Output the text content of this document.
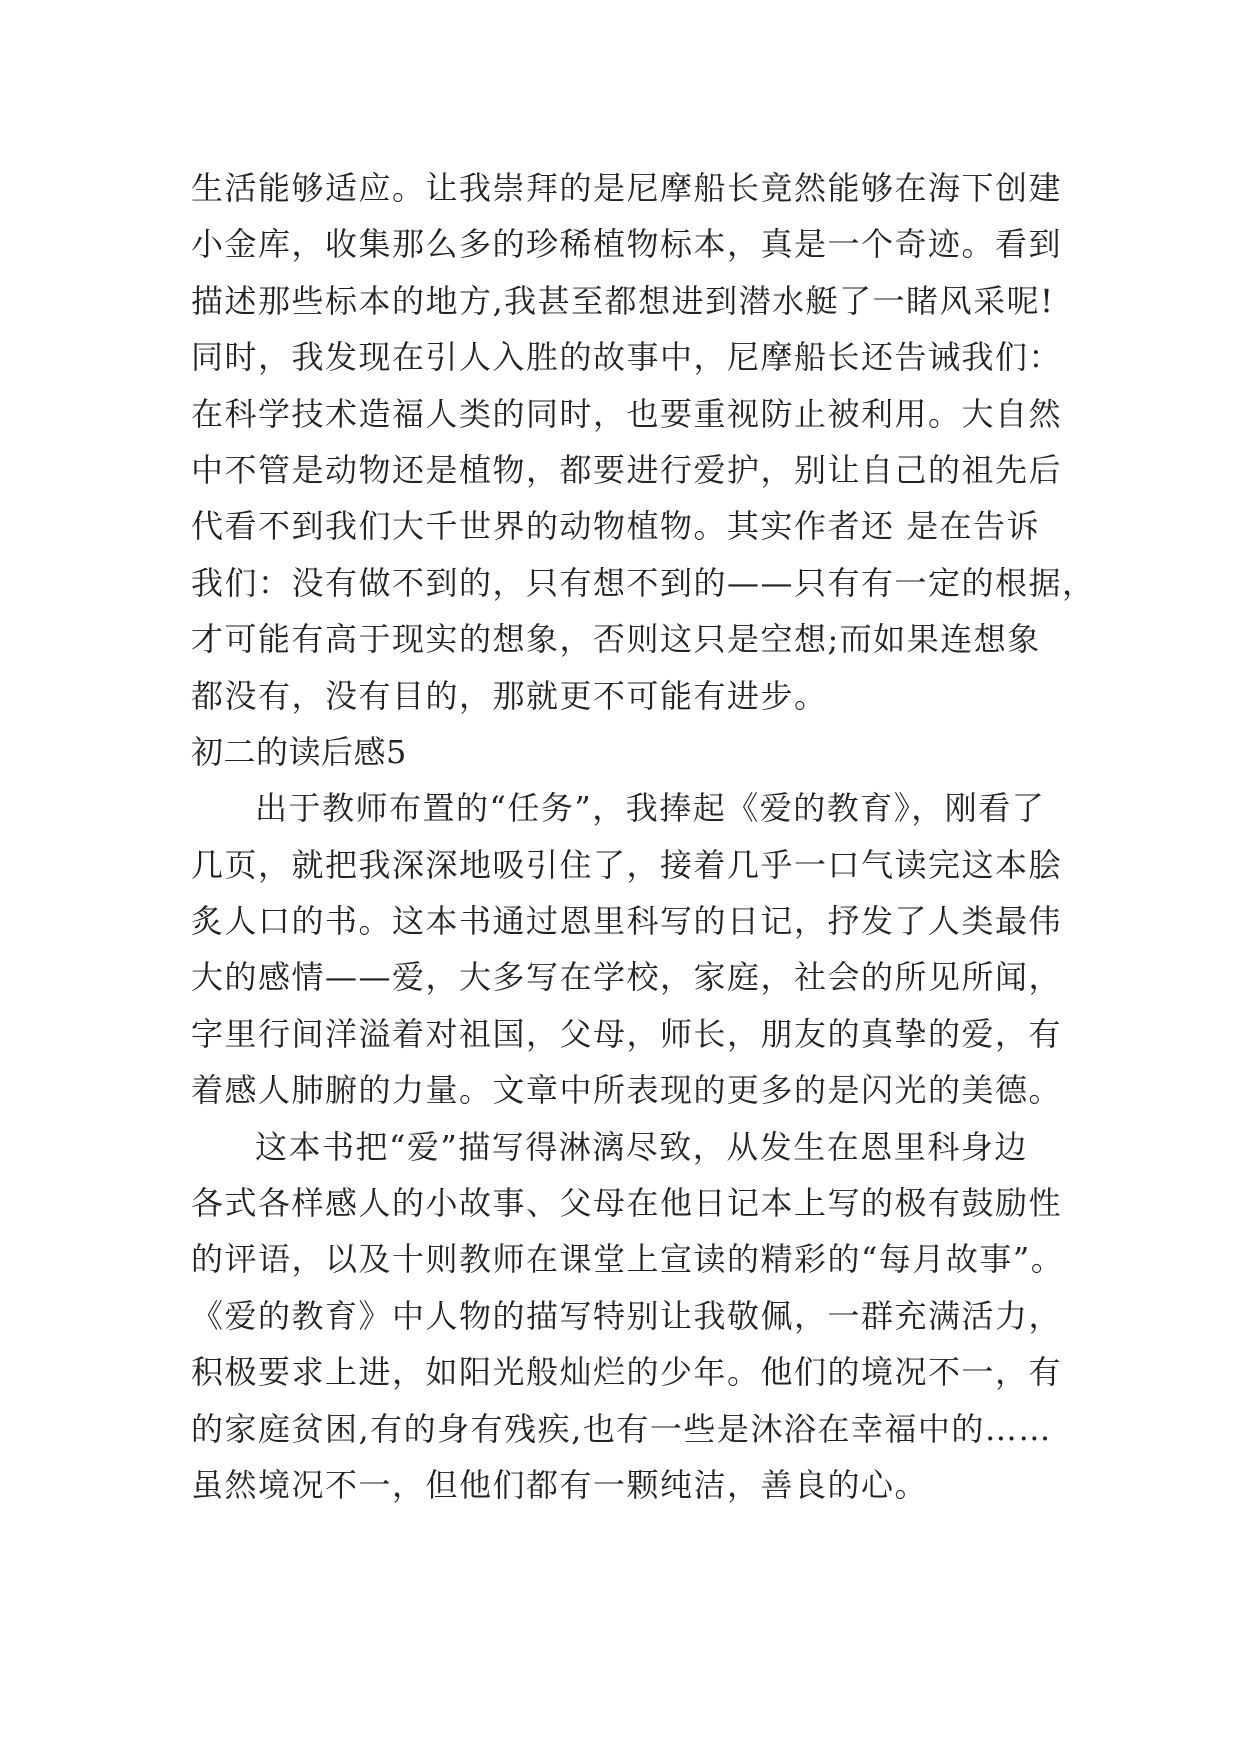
生活能够适应。让我崇拜的是尼摩船长竟然能够在海下创建
小金库，收集那么多的珍稀植物标本，真是一个奇迹。看到
描述那些标本的地方,我甚至都想进到潜水艇了一睹风采呢!
同时，我发现在引人入胜的故事中，尼摩船长还告诫我们：
在科学技术造福人类的同时，也要重视防止被利用。大自然
中不管是动物还是植物，都要进行爱护，别让自己的祖先后
代看不到我们大千世界的动物植物。其实作者还 是在告诉
我们：没有做不到的，只有想不到的——只有有一定的根据，
才可能有高于现实的想象，否则这只是空想;而如果连想象
都没有，没有目的，那就更不可能有进步。
初二的读后感5
出于教师布置的“任务”，我捧起《爱的教育》，刚看了
几页，就把我深深地吸引住了，接着几乎一口气读完这本脍
炙人口的书。这本书通过恩里科写的日记，抒发了人类最伟
大的感情——爱，大多写在学校，家庭，社会的所见所闻，
字里行间洋溢着对祖国，父母，师长，朋友的真挚的爱，有
着感人肺腑的力量。文章中所表现的更多的是闪光的美德。
这本书把“爱”描写得淋漓尽致，从发生在恩里科身边
各式各样感人的小故事、父母在他日记本上写的极有鼓励性
的评语，以及十则教师在课堂上宣读的精彩的“每月故事”。
《爱的教育》中人物的描写特别让我敬佩，一群充满活力，
积极要求上进，如阳光般灿烂的少年。他们的境况不一，有
的家庭贫困,有的身有残疾,也有一些是沐浴在幸福中的……
虽然境况不一，但他们都有一颗纯洁，善良的心。
